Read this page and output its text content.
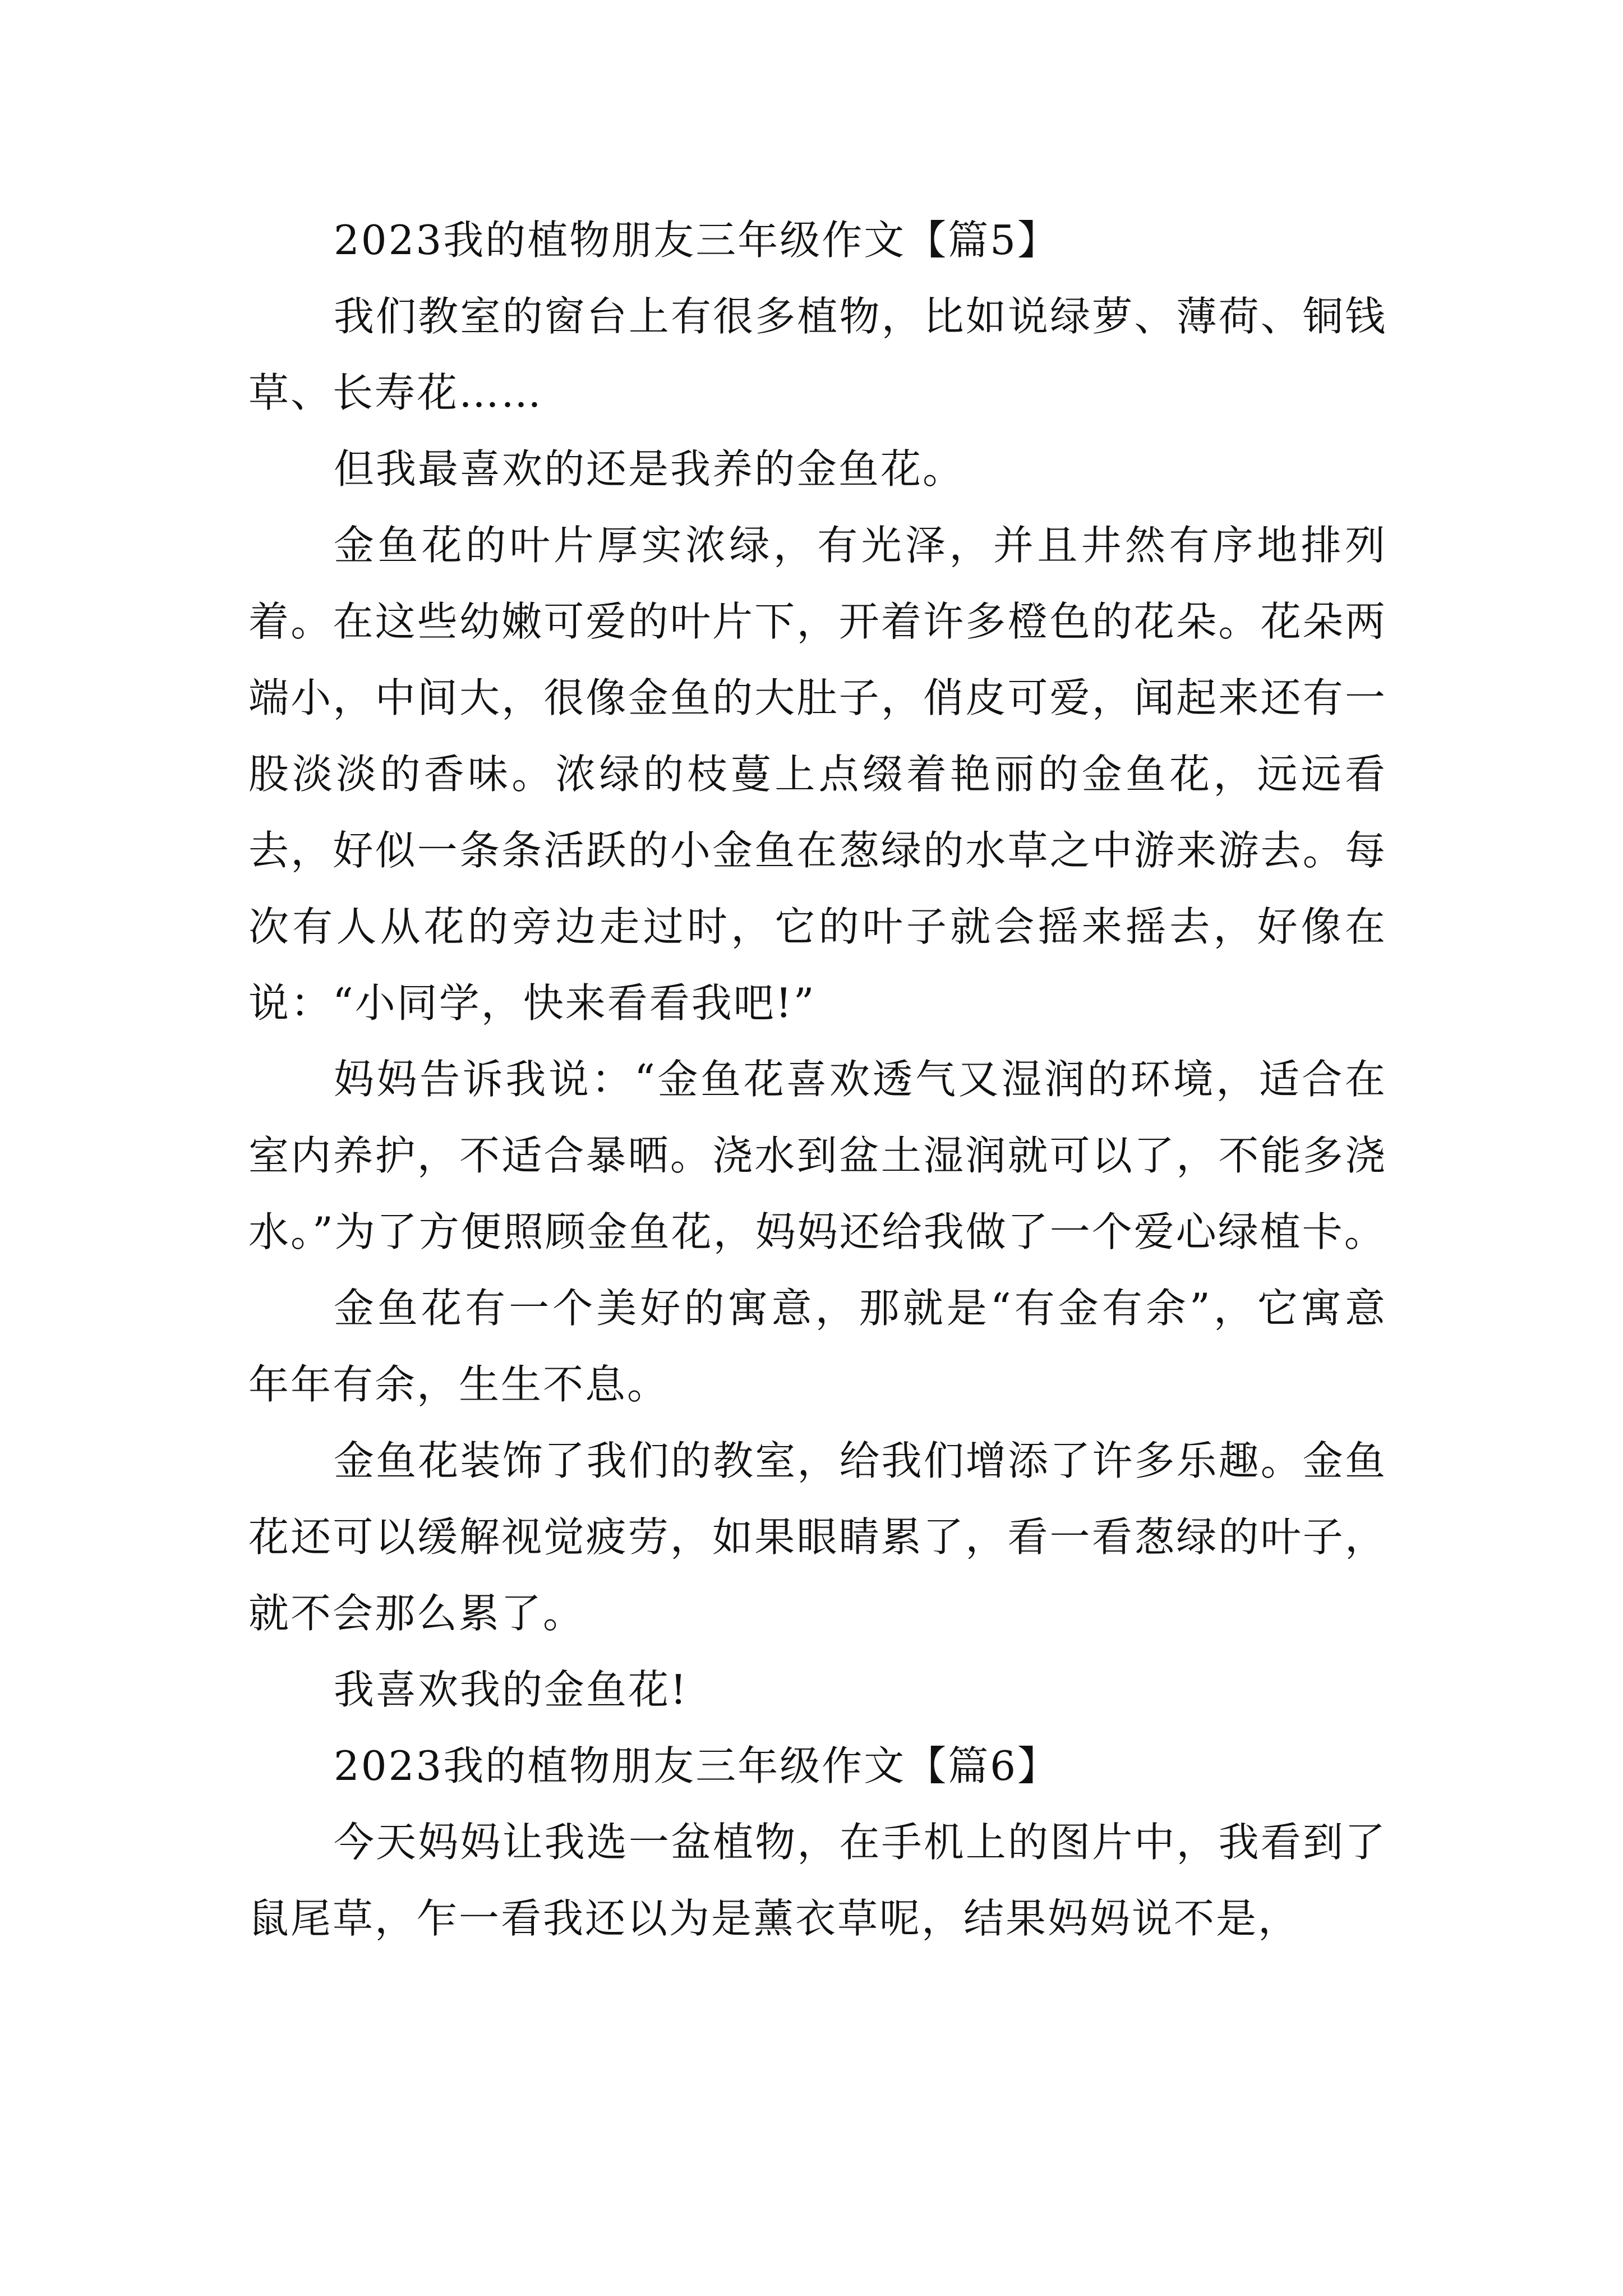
2023我的植物朋友三年级作文【篇5】

我们教室的窗台上有很多植物，比如说绿萝、薄荷、铜钱草、长寿花……

但我最喜欢的还是我养的金鱼花。

金鱼花的叶片厚实浓绿，有光泽，并且井然有序地排列着。在这些幼嫩可爱的叶片下，开着许多橙色的花朵。花朵两端小，中间大，很像金鱼的大肚子，俏皮可爱，闻起来还有一股淡淡的香味。浓绿的枝蔓上点缀着艳丽的金鱼花，远远看去，好似一条条活跃的小金鱼在葱绿的水草之中游来游去。每次有人从花的旁边走过时，它的叶子就会摇来摇去，好像在说：“小同学，快来看看我吧!”

妈妈告诉我说：“金鱼花喜欢透气又湿润的环境，适合在室内养护，不适合暴晒。浇水到盆土湿润就可以了，不能多浇水。”为了方便照顾金鱼花，妈妈还给我做了一个爱心绿植卡。

金鱼花有一个美好的寓意，那就是“有金有余”，它寓意年年有余，生生不息。

金鱼花装饰了我们的教室，给我们增添了许多乐趣。金鱼花还可以缓解视觉疲劳，如果眼睛累了，看一看葱绿的叶子，就不会那么累了。

我喜欢我的金鱼花!

2023我的植物朋友三年级作文【篇6】

今天妈妈让我选一盆植物，在手机上的图片中，我看到了鼠尾草，乍一看我还以为是薰衣草呢，结果妈妈说不是，
